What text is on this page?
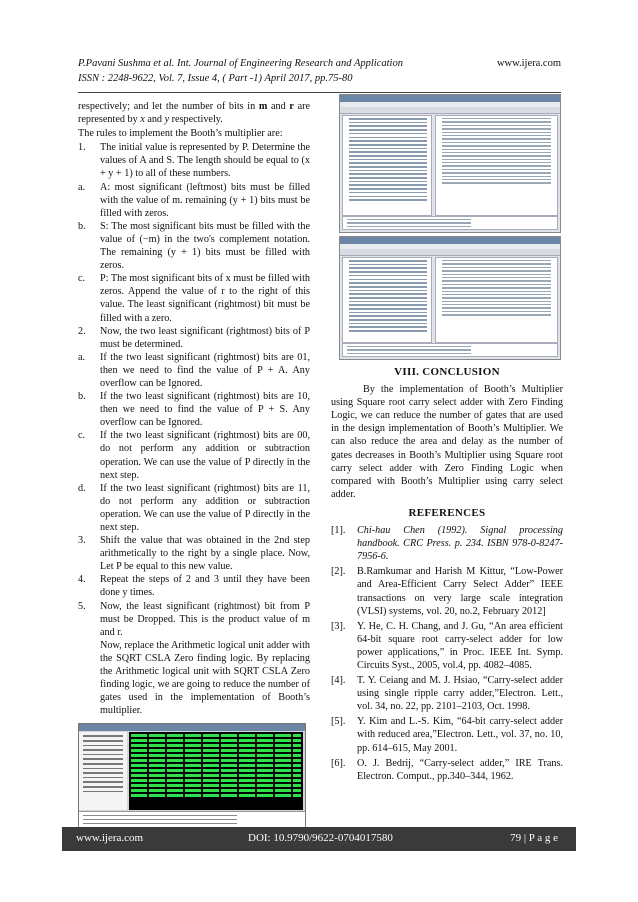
P.Pavani Sushma et al. Int. Journal of Engineering Research and Application	www.ijera.com
ISSN : 2248-9622, Vol. 7, Issue 4, ( Part -1) April 2017, pp.75-80

respectively; and let the number of bits in m and r are represented by x and y respectively.

The rules to implement the Booth’s multiplier are:

1.	The initial value is represented by P. Determine the values of A and S. The length should be equal to (x + y + 1) to all of these numbers.
a.	A: most significant (leftmost) bits must be filled with the value of m. remaining (y + 1) bits must be filled with zeros.
b.	S: The most significant bits must be filled with the value of (−m) in the two's complement notation. The remaining (y + 1) bits must be filled with zeros.
c.	P: The most significant bits of x must be filled with zeros. Append the value of r to the right of this value. The least significant (rightmost) bit must be filled with a zero.
2.	Now, the two least significant (rightmost) bits of P must be determined.
a.	If the two least significant (rightmost) bits are 01, then we need to find the value of P + A. Any overflow can be Ignored.
b.	If the two least significant (rightmost) bits are 10, then we need to find the value of P + S. Any overflow can be Ignored.
c.	If the two least significant (rightmost) bits are 00, do not perform any addition or subtraction operation. We can use the value of P directly in the next step.
d.	If the two least significant (rightmost) bits are 11, do not perform any addition or subtraction operation. We can use the value of P directly in the next step.
3.	Shift the value that was obtained in the 2nd step arithmetically to the right by a single place. Now, Let P be equal to this new value.
4.	Repeat the steps of 2 and 3 until they have been done y times.
5.	Now, the least significant (rightmost) bit from P must be Dropped. This is the product value of m and r.

Now, replace the Arithmetic logical unit adder with the SQRT CSLA Zero finding logic. By replacing the Arithmetic logical unit with SQRT CSLA Zero finding logic, we are going to reduce the number of gates used in the implementation of Booth’s multiplier.

VIII. CONCLUSION

By the implementation of Booth’s Multiplier using Square root carry select adder with Zero Finding Logic, we can reduce the number of gates that are used in the design implementation of Booth’s Multiplier. We can also reduce the area and delay as the number of gates decreases in Booth’s Multiplier using Square root carry select adder with Zero Finding Logic when compared with Booth’s Multiplier using carry select adder.

REFERENCES
[1].	Chi-hau Chen (1992). Signal processing handbook. CRC Press. p. 234. ISBN 978-0-8247-7956-6.
[2].	B.Ramkumar and Harish M Kittur, “Low-Power and Area-Efficient Carry Select Adder” IEEE transactions on very large scale integration (VLSI) systems, vol. 20, no.2, February 2012]
[3].	Y. He, C. H. Chang, and J. Gu, “An area efficient 64-bit square root carry-select adder for low power applications,” in Proc. IEEE Int. Symp. Circuits Syst., 2005, vol.4, pp. 4082–4085.
[4].	T. Y. Ceiang and M. J. Hsiao, “Carry-select adder using single ripple carry adder,”Electron. Lett., vol. 34, no. 22, pp. 2101–2103, Oct. 1998.
[5].	Y. Kim and L.-S. Kim, “64-bit carry-select adder with reduced area,”Electron. Lett., vol. 37, no. 10, pp. 614–615, May 2001.
[6].	O. J. Bedrij, “Carry-select adder,” IRE Trans. Electron. Comput., pp.340–344, 1962.
www.ijera.com	DOI: 10.9790/9622-0704017580	79 | P a g e
